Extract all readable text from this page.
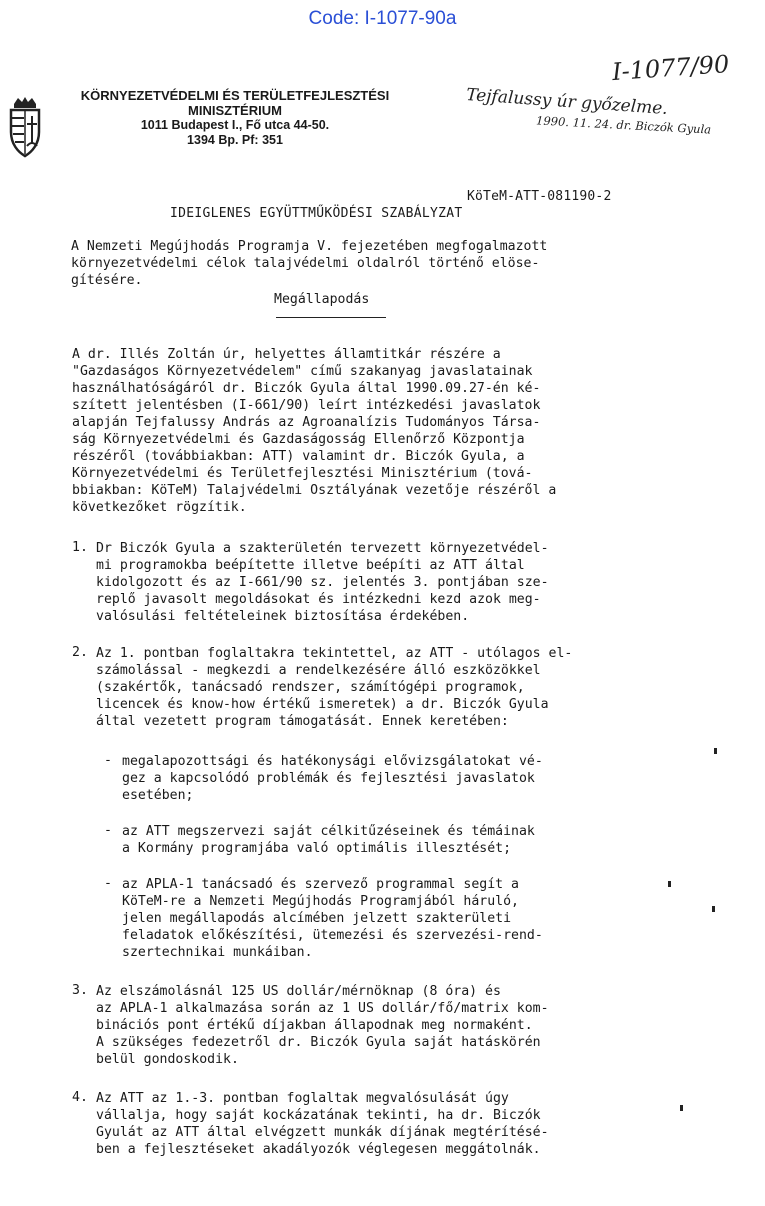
Code: I-1077-90a
KÖRNYEZETVÉDELMI ÉS TERÜLETFEJLESZTÉSI
MINISZTÉRIUM
1011 Budapest I., Fő utca 44-50.
1394 Bp. Pf: 351
I-1077/90
Tejfalussy úr győzelme.
1990. 11. 24. dr. Biczók Gyula
KöTeM-ATT-081190-2
IDEIGLENES EGYÜTTMŰKÖDÉSI SZABÁLYZAT
A Nemzeti Megújhodás Programja V. fejezetében megfogalmazott
környezetvédelmi célok talajvédelmi oldalról történő elöse-
gítésére.
Megállapodás
A dr. Illés Zoltán úr, helyettes államtitkár részére a
"Gazdaságos Környezetvédelem" című szakanyag javaslatainak
használhatóságáról dr. Biczók Gyula által 1990.09.27-én ké-
szített jelentésben (I-661/90) leírt intézkedési javaslatok
alapján Tejfalussy András az Agroanalízis Tudományos Társa-
ság Környezetvédelmi és Gazdaságosság Ellenőrző Központja
részéről (továbbiakban: ATT) valamint dr. Biczók Gyula, a
Környezetvédelmi és Területfejlesztési Minisztérium (tová-
bbiakban: KöTeM) Talajvédelmi Osztályának vezetője részéről a
következőket rögzítik.
1. Dr Biczók Gyula a szakterületén tervezett környezetvédel-
mi programokba beépítette illetve beépíti az ATT által
kidolgozott és az I-661/90 sz. jelentés 3. pontjában sze-
replő javasolt megoldásokat és intézkedni kezd azok meg-
valósulási feltételeinek biztosítása érdekében.
2. Az 1. pontban foglaltakra tekintettel, az ATT - utólagos el-
számolással - megkezdi a rendelkezésére álló eszközökkel
(szakértők, tanácsadó rendszer, számítógépi programok,
licencek és know-how értékű ismeretek) a dr. Biczók Gyula
által vezetett program támogatását. Ennek keretében:
- megalapozottsági és hatékonysági elővizsgálatokat vé-
gez a kapcsolódó problémák és fejlesztési javaslatok
esetében;
- az ATT megszervezi saját célkitűzéseinek és témáinak
a Kormány programjába való optimális illesztését;
- az APLA-1 tanácsadó és szervező programmal segít a
KöTeM-re a Nemzeti Megújhodás Programjából háruló,
jelen megállapodás alcímében jelzett szakterületi
feladatok előkészítési, ütemezési és szervezési-rend-
szertechnikai munkáiban.
3. Az elszámolásnál 125 US dollár/mérnöknap (8 óra) és
az APLA-1 alkalmazása során az 1 US dollár/fő/matrix kom-
binációs pont értékű díjakban állapodnak meg normaként.
A szükséges fedezetről dr. Biczók Gyula saját hatáskörén
belül gondoskodik.
4. Az ATT az 1.-3. pontban foglaltak megvalósulását úgy
vállalja, hogy saját kockázatának tekinti, ha dr. Biczók
Gyulát az ATT által elvégzett munkák díjának megtérítésé-
ben a fejlesztéseket akadályozók véglegesen meggátolnák.
